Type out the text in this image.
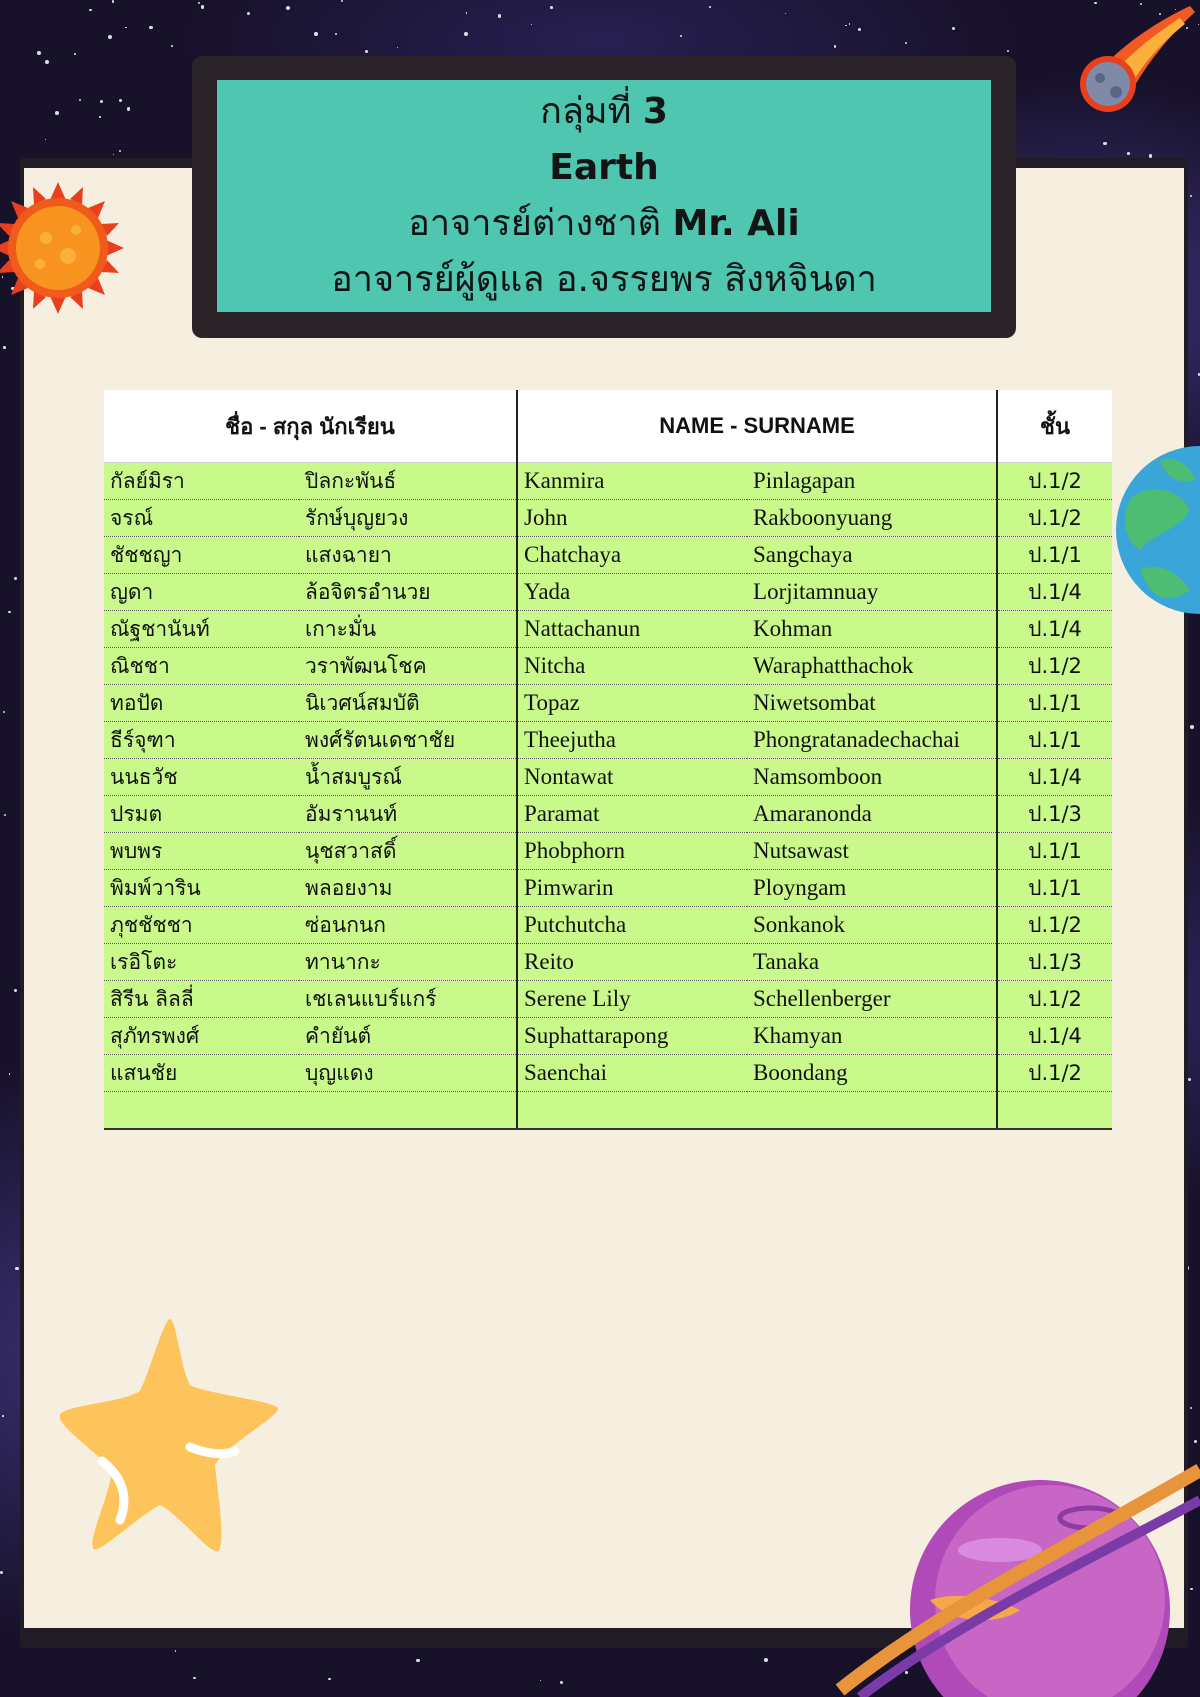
กลุ่มที่ 3
Earth
อาจารย์ต่างชาติ Mr. Ali
อาจารย์ผู้ดูแล อ.จรรยพร สิงหจินดา
ชื่อ - สกุล นักเรียน		NAME - SURNAME		ชั้น
กัลย์มิรา	ปิลกะพันธ์	Kanmira	Pinlagapan	ป.1/2
จรณ์	รักษ์บุญยวง	John	Rakboonyuang	ป.1/2
ชัชชญา	แสงฉายา	Chatchaya	Sangchaya	ป.1/1
ญดา	ล้อจิตรอำนวย	Yada	Lorjitamnuay	ป.1/4
ณัฐชานันท์	เกาะมั่น	Nattachanun	Kohman	ป.1/4
ณิชชา	วราพัฒนโชค	Nitcha	Waraphatthachok	ป.1/2
ทอปัด	นิเวศน์สมบัติ	Topaz	Niwetsombat	ป.1/1
ธีร์จุฑา	พงศ์รัตนเดชาชัย	Theejutha	Phongratanadechachai	ป.1/1
นนธวัช	น้ำสมบูรณ์	Nontawat	Namsomboon	ป.1/4
ปรมต	อัมรานนท์	Paramat	Amaranonda	ป.1/3
พบพร	นุชสวาสดิ์	Phobphorn	Nutsawast	ป.1/1
พิมพ์วาริน	พลอยงาม	Pimwarin	Ployngam	ป.1/1
ภุชชัชชา	ซ่อนกนก	Putchutcha	Sonkanok	ป.1/2
เรอิโตะ	ทานากะ	Reito	Tanaka	ป.1/3
สิรีน ลิลลี่	เชเลนแบร์แกร์	Serene Lily	Schellenberger	ป.1/2
สุภัทรพงศ์	คำยันต์	Suphattarapong	Khamyan	ป.1/4
แสนชัย	บุญแดง	Saenchai	Boondang	ป.1/2
